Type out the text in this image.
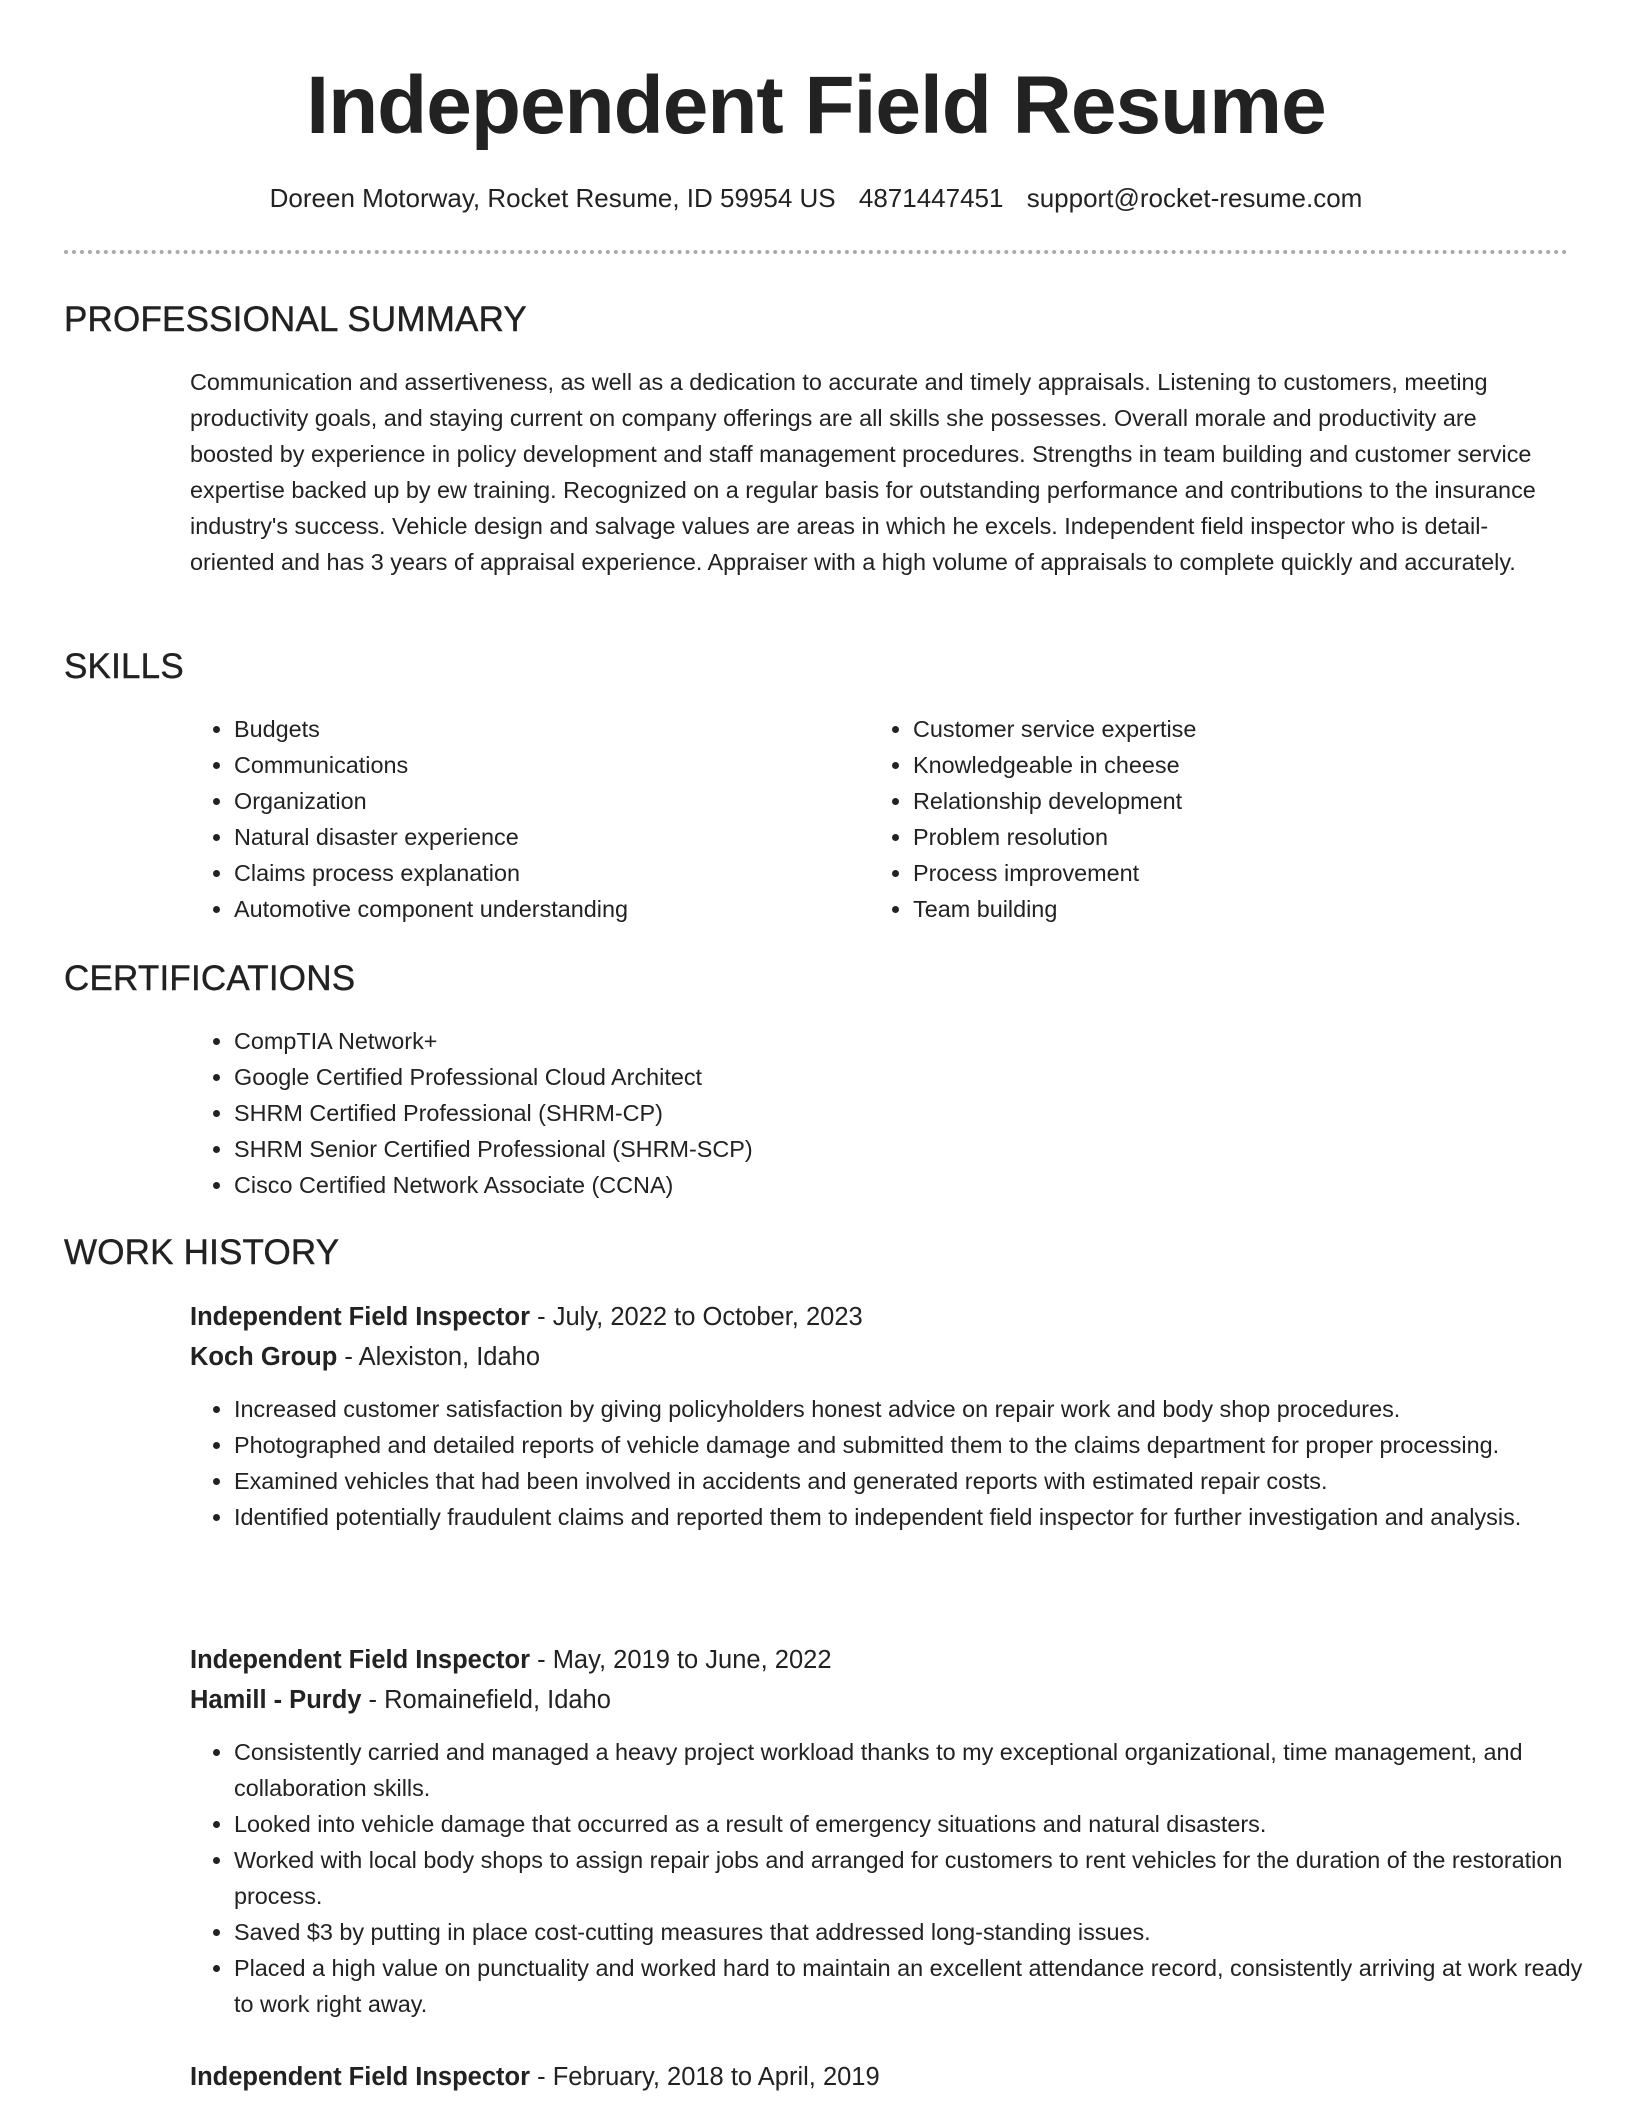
Independent Field Resume
Doreen Motorway, Rocket Resume, ID 59954 US 4871447451 support@rocket-resume.com
PROFESSIONAL SUMMARY
Communication and assertiveness, as well as a dedication to accurate and timely appraisals. Listening to customers, meeting productivity goals, and staying current on company offerings are all skills she possesses. Overall morale and productivity are boosted by experience in policy development and staff management procedures. Strengths in team building and customer service expertise backed up by ew training. Recognized on a regular basis for outstanding performance and contributions to the insurance industry's success. Vehicle design and salvage values are areas in which he excels. Independent field inspector who is detail-oriented and has 3 years of appraisal experience. Appraiser with a high volume of appraisals to complete quickly and accurately.
SKILLS
• Budgets
• Communications
• Organization
• Natural disaster experience
• Claims process explanation
• Automotive component understanding
• Customer service expertise
• Knowledgeable in cheese
• Relationship development
• Problem resolution
• Process improvement
• Team building
CERTIFICATIONS
• CompTIA Network+
• Google Certified Professional Cloud Architect
• SHRM Certified Professional (SHRM-CP)
• SHRM Senior Certified Professional (SHRM-SCP)
• Cisco Certified Network Associate (CCNA)
WORK HISTORY
Independent Field Inspector - July, 2022 to October, 2023
Koch Group - Alexiston, Idaho
• Increased customer satisfaction by giving policyholders honest advice on repair work and body shop procedures.
• Photographed and detailed reports of vehicle damage and submitted them to the claims department for proper processing.
• Examined vehicles that had been involved in accidents and generated reports with estimated repair costs.
• Identified potentially fraudulent claims and reported them to independent field inspector for further investigation and analysis.
Independent Field Inspector - May, 2019 to June, 2022
Hamill - Purdy - Romainefield, Idaho
• Consistently carried and managed a heavy project workload thanks to my exceptional organizational, time management, and collaboration skills.
• Looked into vehicle damage that occurred as a result of emergency situations and natural disasters.
• Worked with local body shops to assign repair jobs and arranged for customers to rent vehicles for the duration of the restoration process.
• Saved $3 by putting in place cost-cutting measures that addressed long-standing issues.
• Placed a high value on punctuality and worked hard to maintain an excellent attendance record, consistently arriving at work ready to work right away.
Independent Field Inspector - February, 2018 to April, 2019
